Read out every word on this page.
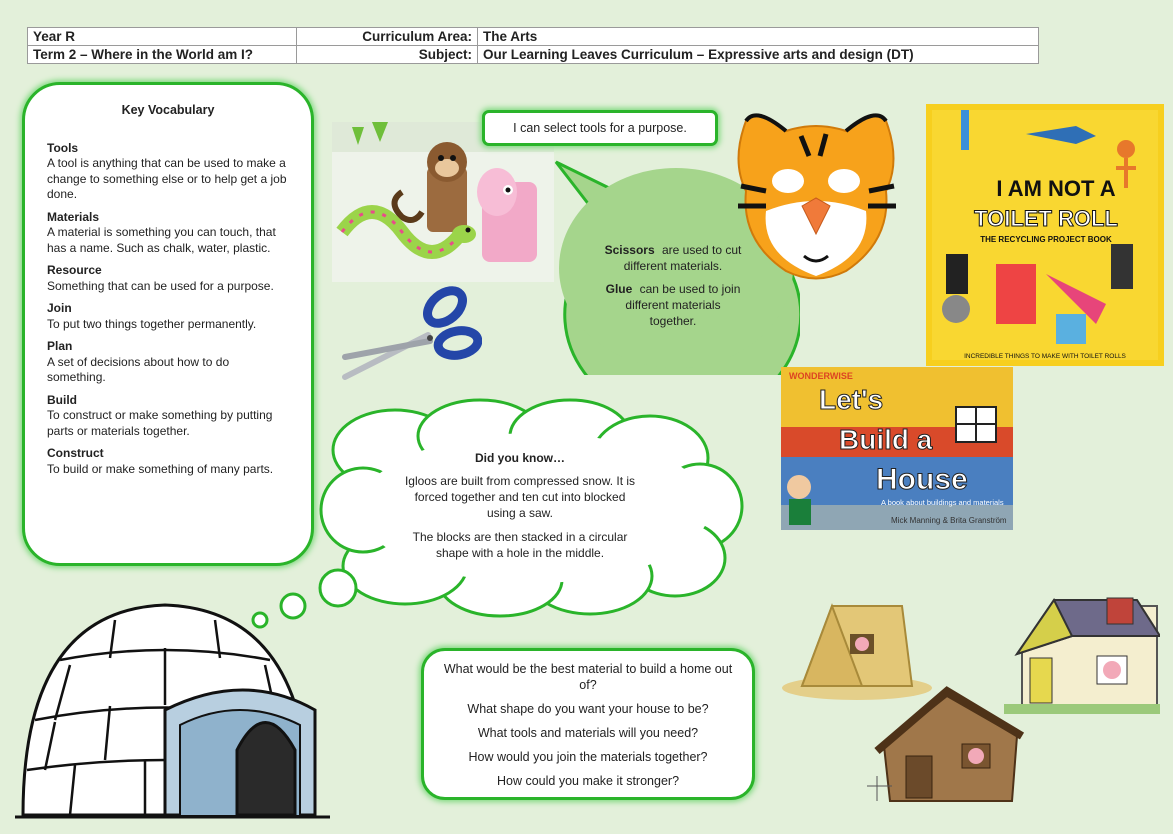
Year R	Curriculum Area:	The Arts
Term 2 – Where in the World am I?	Subject:	Our Learning Leaves Curriculum – Expressive arts and design (DT)
Key Vocabulary
Tools
A tool is anything that can be used to make a change to something else or to help get a job done.
Materials
A material is something you can touch, that has a name. Such as chalk, water, plastic.
Resource
Something that can be used for a purpose.
Join
To put two things together permanently.
Plan
A set of decisions about how to do something.
Build
To construct or make something by putting parts or materials together.
Construct
To build or make something of many parts.
Scissors are used to cut
different materials.
Glue can be used to join
different materials
together.
I can select tools for a purpose.
I AM NOT A
TOILET ROLL
THE RECYCLING PROJECT BOOK
INCREDIBLE THINGS TO MAKE WITH TOILET ROLLS
WONDERWISE
Let's
Build a
House
A book about buildings and materials
Mick Manning & Brita Granström
Did you know…
Igloos are built from compressed snow. It is
forced together and ten cut into blocked
using a saw.
The blocks are then stacked in a circular
shape with a hole in the middle.

What would be the best material to build a home out of?

What shape do you want your house to be?

What tools and materials will you need?

How would you join the materials together?

How could you make it stronger?
